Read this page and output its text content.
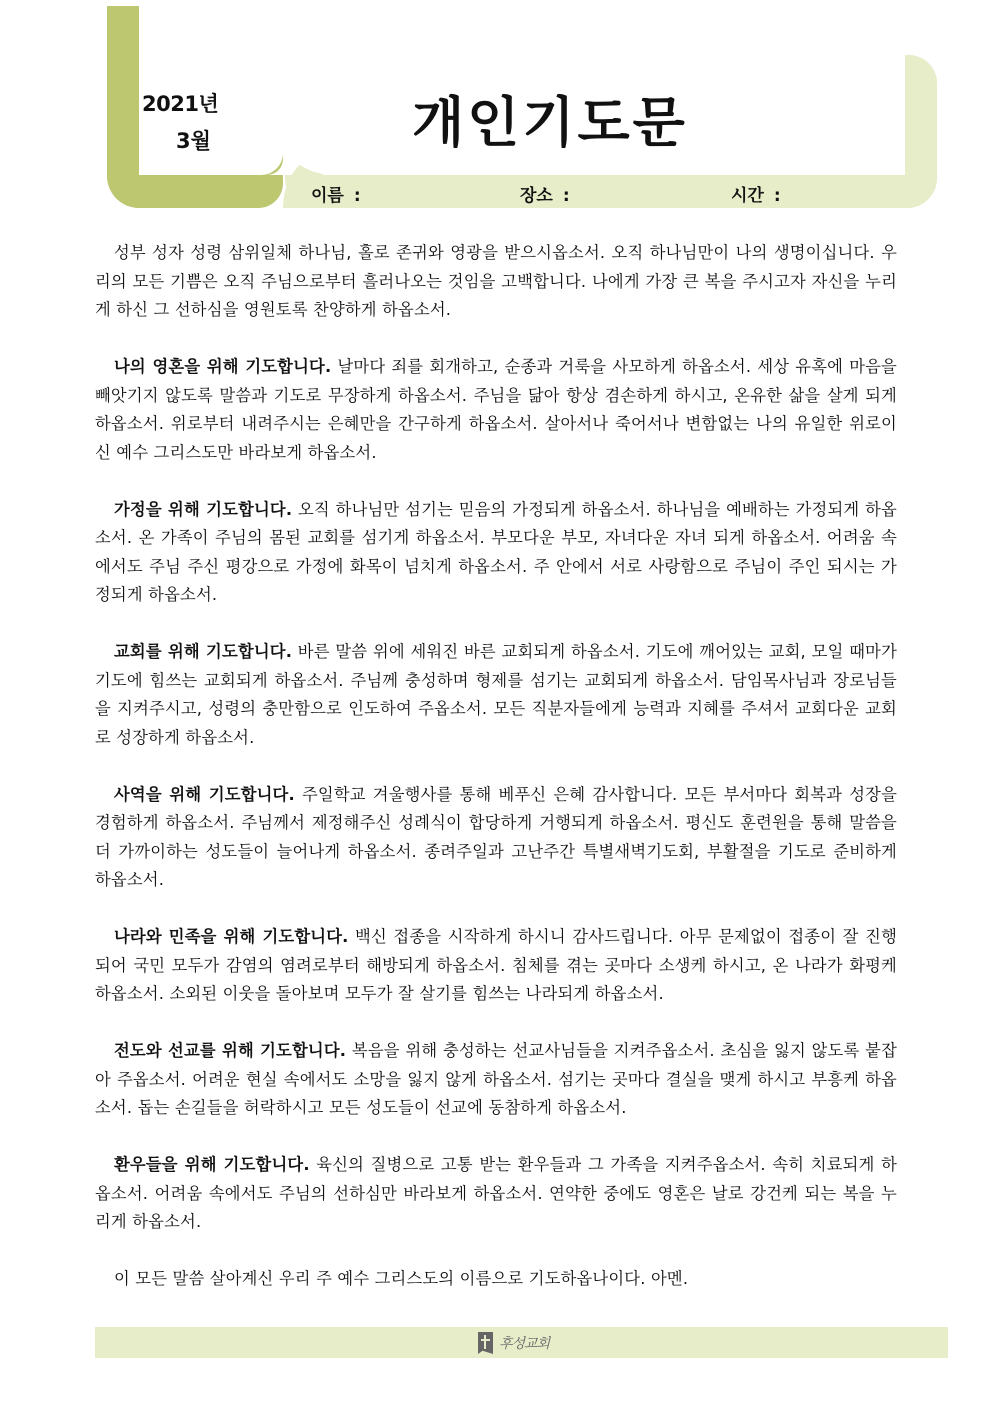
2021년
3월	개인기도문
이름 :	장소 :	시간 :

성부 성자 성령 삼위일체 하나님, 홀로 존귀와 영광을 받으시옵소서. 오직 하나님만이 나의 생명이십니다. 우리의 모든 기쁨은 오직 주님으로부터 흘러나오는 것임을 고백합니다. 나에게 가장 큰 복을 주시고자 자신을 누리게 하신 그 선하심을 영원토록 찬양하게 하옵소서.

나의 영혼을 위해 기도합니다. 날마다 죄를 회개하고, 순종과 거룩을 사모하게 하옵소서. 세상 유혹에 마음을 빼앗기지 않도록 말씀과 기도로 무장하게 하옵소서. 주님을 닮아 항상 겸손하게 하시고, 온유한 삶을 살게 되게 하옵소서. 위로부터 내려주시는 은혜만을 간구하게 하옵소서. 살아서나 죽어서나 변함없는 나의 유일한 위로이신 예수 그리스도만 바라보게 하옵소서.

가정을 위해 기도합니다. 오직 하나님만 섬기는 믿음의 가정되게 하옵소서. 하나님을 예배하는 가정되게 하옵소서. 온 가족이 주님의 몸된 교회를 섬기게 하옵소서. 부모다운 부모, 자녀다운 자녀 되게 하옵소서. 어려움 속에서도 주님 주신 평강으로 가정에 화목이 넘치게 하옵소서. 주 안에서 서로 사랑함으로 주님이 주인 되시는 가정되게 하옵소서.

교회를 위해 기도합니다. 바른 말씀 위에 세워진 바른 교회되게 하옵소서. 기도에 깨어있는 교회, 모일 때마가 기도에 힘쓰는 교회되게 하옵소서. 주님께 충성하며 형제를 섬기는 교회되게 하옵소서. 담임목사님과 장로님들을 지켜주시고, 성령의 충만함으로 인도하여 주옵소서. 모든 직분자들에게 능력과 지혜를 주셔서 교회다운 교회로 성장하게 하옵소서.

사역을 위해 기도합니다. 주일학교 겨울행사를 통해 베푸신 은혜 감사합니다. 모든 부서마다 회복과 성장을 경험하게 하옵소서. 주님께서 제정해주신 성례식이 합당하게 거행되게 하옵소서. 평신도 훈련원을 통해 말씀을 더 가까이하는 성도들이 늘어나게 하옵소서. 종려주일과 고난주간 특별새벽기도회, 부활절을 기도로 준비하게 하옵소서.

나라와 민족을 위해 기도합니다. 백신 접종을 시작하게 하시니 감사드립니다. 아무 문제없이 접종이 잘 진행되어 국민 모두가 감염의 염려로부터 해방되게 하옵소서. 침체를 겪는 곳마다 소생케 하시고, 온 나라가 화평케 하옵소서. 소외된 이웃을 돌아보며 모두가 잘 살기를 힘쓰는 나라되게 하옵소서.

전도와 선교를 위해 기도합니다. 복음을 위해 충성하는 선교사님들을 지켜주옵소서. 초심을 잃지 않도록 붙잡아 주옵소서. 어려운 현실 속에서도 소망을 잃지 않게 하옵소서. 섬기는 곳마다 결실을 맺게 하시고 부흥케 하옵소서. 돕는 손길들을 허락하시고 모든 성도들이 선교에 동참하게 하옵소서.

환우들을 위해 기도합니다. 육신의 질병으로 고통 받는 환우들과 그 가족을 지켜주옵소서. 속히 치료되게 하옵소서. 어려움 속에서도 주님의 선하심만 바라보게 하옵소서. 연약한 중에도 영혼은 날로 강건케 되는 복을 누리게 하옵소서.

이 모든 말씀 살아계신 우리 주 예수 그리스도의 이름으로 기도하옵나이다. 아멘.

후성교회
